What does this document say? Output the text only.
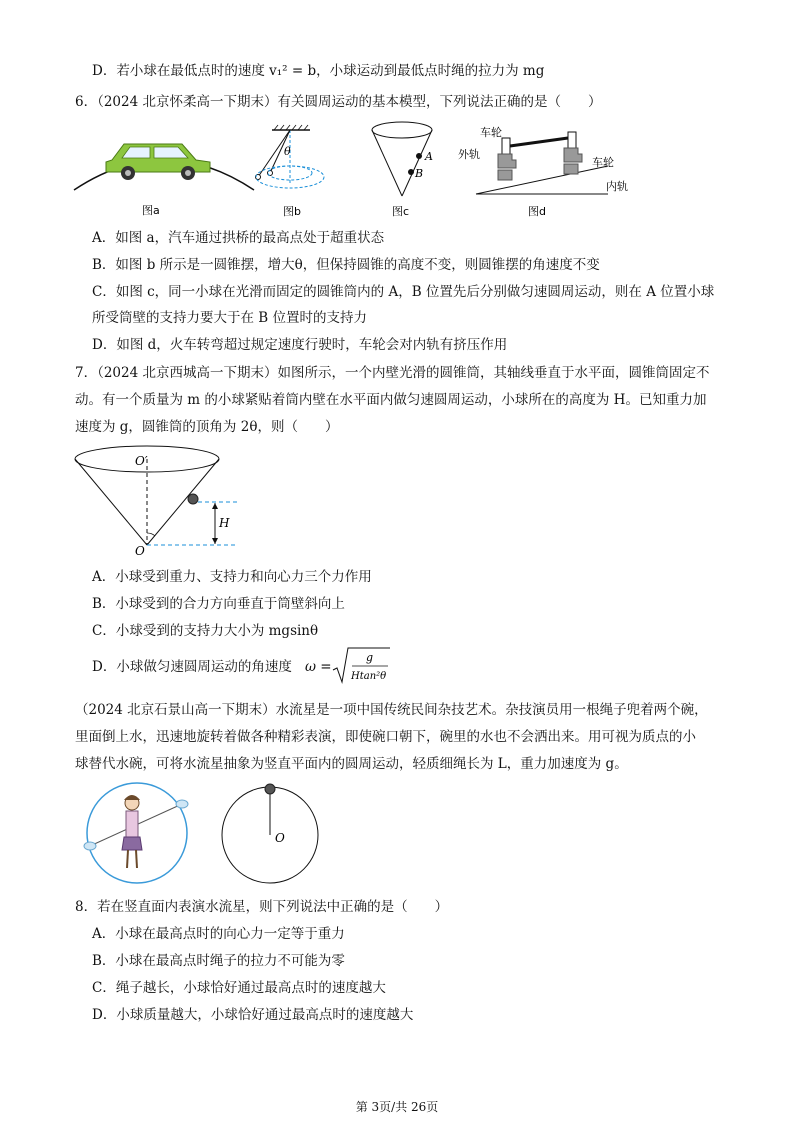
D．若小球在最低点时的速度 v₁² = b，小球运动到最低点时绳的拉力为 mg
6．（2024 北京怀柔高一下期末）有关圆周运动的基本模型，下列说法正确的是（　　）
图a
θ
图b
A
B
图c
车轮
外轨
车轮
内轨
图d
A．如图 a，汽车通过拱桥的最高点处于超重状态
B．如图 b 所示是一圆锥摆，增大θ，但保持圆锥的高度不变，则圆锥摆的角速度不变
C．如图 c，同一小球在光滑而固定的圆锥筒内的 A，B 位置先后分别做匀速圆周运动，则在 A 位置小球
所受筒壁的支持力要大于在 B 位置时的支持力
D．如图 d，火车转弯超过规定速度行驶时，车轮会对内轨有挤压作用
7．（2024 北京西城高一下期末）如图所示，一个内壁光滑的圆锥筒，其轴线垂直于水平面，圆锥筒固定不
动。有一个质量为 m 的小球紧贴着筒内壁在水平面内做匀速圆周运动，小球所在的高度为 H。已知重力加
速度为 g，圆锥筒的顶角为 2θ，则（　　）
O′
O
H
A．小球受到重力、支持力和向心力三个力作用
B．小球受到的合力方向垂直于筒壁斜向上
C．小球受到的支持力大小为 mgsinθ
D．小球做匀速圆周运动的角速度 ω =
g
Htan²θ
（2024 北京石景山高一下期末）水流星是一项中国传统民间杂技艺术。杂技演员用一根绳子兜着两个碗，
里面倒上水，迅速地旋转着做各种精彩表演，即使碗口朝下，碗里的水也不会洒出来。用可视为质点的小
球替代水碗，可将水流星抽象为竖直平面内的圆周运动，轻质细绳长为 L，重力加速度为 g。
O
8．若在竖直面内表演水流星，则下列说法中正确的是（　　）
A．小球在最高点时的向心力一定等于重力
B．小球在最高点时绳子的拉力不可能为零
C．绳子越长，小球恰好通过最高点时的速度越大
D．小球质量越大，小球恰好通过最高点时的速度越大
第 3页/共 26页
